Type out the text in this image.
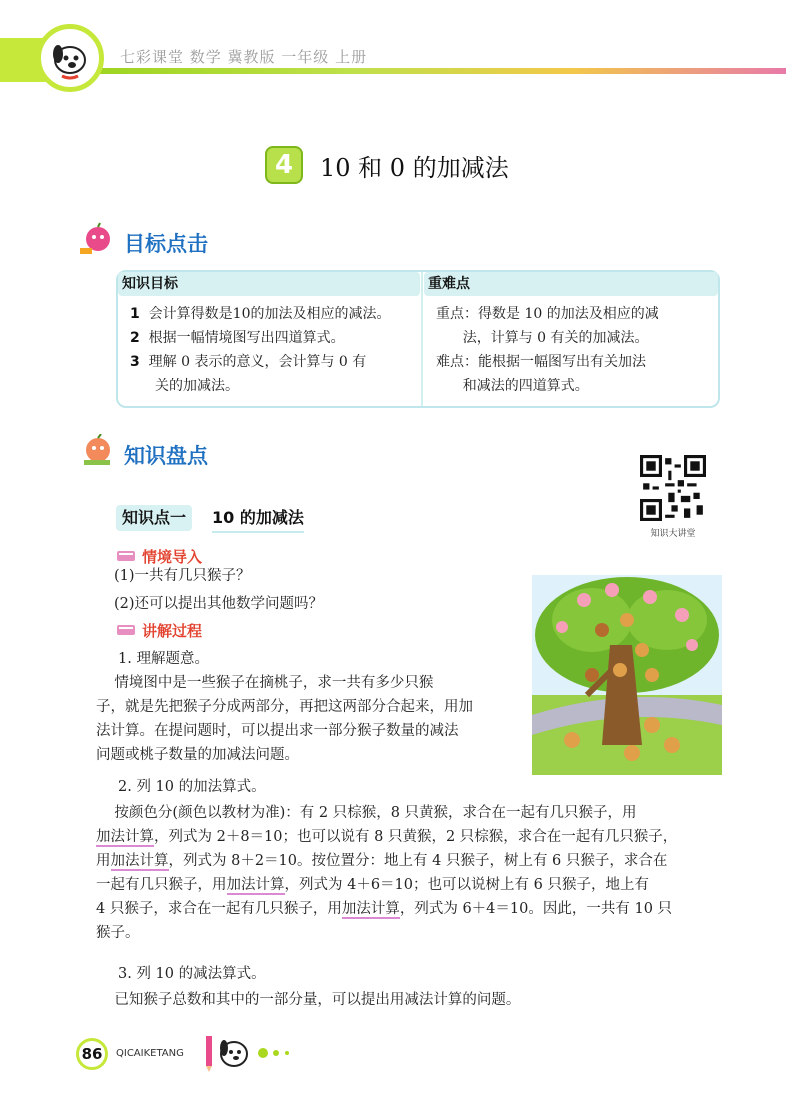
七彩课堂 数学 冀教版 一年级 上册
4	10 和 0 的加减法
目标点击
知识目标	重难点
1 会计算得数是10的加法及相应的减法。
2 根据一幅情境图写出四道算式。
3 理解 0 表示的意义，会计算与 0 有
关的加减法。
重点：得数是 10 的加法及相应的减
法，计算与 0 有关的加减法。
难点：能根据一幅图写出有关加法
和减法的四道算式。
知识盘点
知识大讲堂
知识点一	10 的加减法
情境导入
(1)一共有几只猴子？
(2)还可以提出其他数学问题吗？
讲解过程
1. 理解题意。
情境图中是一些猴子在摘桃子，求一共有多少只猴
子，就是先把猴子分成两部分，再把这两部分合起来，用加
法计算。在提问题时，可以提出求一部分猴子数量的减法
问题或桃子数量的加减法问题。
2. 列 10 的加法算式。
按颜色分(颜色以教材为准)：有 2 只棕猴，8 只黄猴，求合在一起有几只猴子，用
加法计算，列式为 2＋8＝10；也可以说有 8 只黄猴，2 只棕猴，求合在一起有几只猴子，
用加法计算，列式为 8＋2＝10。按位置分：地上有 4 只猴子，树上有 6 只猴子，求合在
一起有几只猴子，用加法计算，列式为 4＋6＝10；也可以说树上有 6 只猴子，地上有
4 只猴子，求合在一起有几只猴子，用加法计算，列式为 6＋4＝10。因此，一共有 10 只
猴子。
3. 列 10 的减法算式。
已知猴子总数和其中的一部分量，可以提出用减法计算的问题。
86	QICAIKETANG
